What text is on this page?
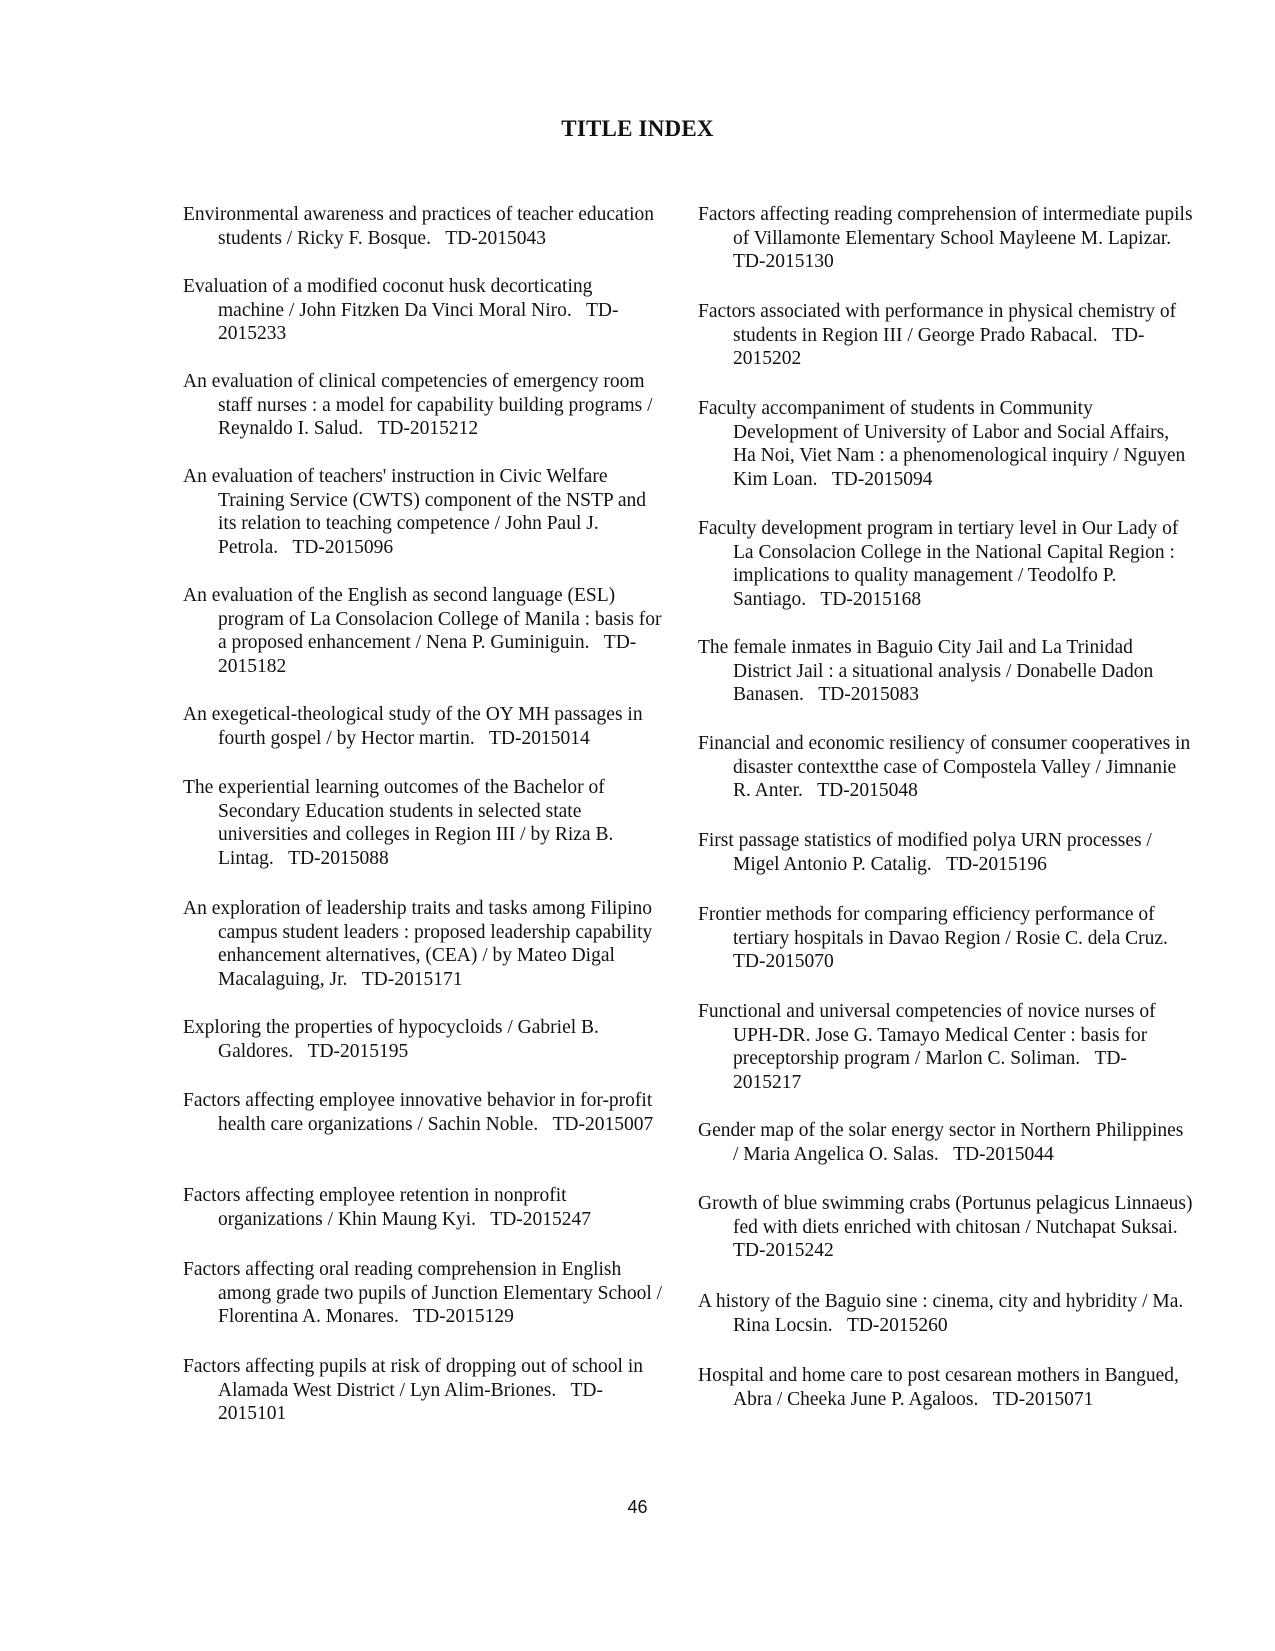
TITLE INDEX
Environmental awareness and practices of teacher education students / Ricky F. Bosque. TD-2015043
Evaluation of a modified coconut husk decorticating machine / John Fitzken Da Vinci Moral Niro. TD-2015233
An evaluation of clinical competencies of emergency room staff nurses : a model for capability building programs / Reynaldo I. Salud. TD-2015212
An evaluation of teachers' instruction in Civic Welfare Training Service (CWTS) component of the NSTP and its relation to teaching competence / John Paul J. Petrola. TD-2015096
An evaluation of the English as second language (ESL) program of La Consolacion College of Manila : basis for a proposed enhancement / Nena P. Guminiguin. TD-2015182
An exegetical-theological study of the OY MH passages in fourth gospel / by Hector martin. TD-2015014
The experiential learning outcomes of the Bachelor of Secondary Education students in selected state universities and colleges in Region III / by Riza B. Lintag. TD-2015088
An exploration of leadership traits and tasks among Filipino campus student leaders : proposed leadership capability enhancement alternatives, (CEA) / by Mateo Digal Macalaguing, Jr. TD-2015171
Exploring the properties of hypocycloids / Gabriel B. Galdores. TD-2015195
Factors affecting employee innovative behavior in for-profit health care organizations / Sachin Noble. TD-2015007
Factors affecting employee retention in nonprofit organizations / Khin Maung Kyi. TD-2015247
Factors affecting oral reading comprehension in English among grade two pupils of Junction Elementary School / Florentina A. Monares. TD-2015129
Factors affecting pupils at risk of dropping out of school in Alamada West District / Lyn Alim-Briones. TD-2015101
Factors affecting reading comprehension of intermediate pupils of Villamonte Elementary School Mayleene M. Lapizar.   TD-2015130
Factors associated with performance in physical chemistry of students in Region III / George Prado Rabacal. TD-2015202
Faculty accompaniment of students in Community Development of University of Labor and Social Affairs, Ha Noi, Viet Nam : a phenomenological inquiry / Nguyen Kim Loan. TD-2015094
Faculty development program in tertiary level in Our Lady of La Consolacion College in the National Capital Region : implications to quality management / Teodolfo P. Santiago. TD-2015168
The female inmates in Baguio City Jail and La Trinidad District Jail : a situational analysis / Donabelle Dadon Banasen. TD-2015083
Financial and economic resiliency of consumer cooperatives in disaster contextthe case of Compostela Valley / Jimnanie R. Anter. TD-2015048
First passage statistics of modified polya URN processes / Migel Antonio P. Catalig. TD-2015196
Frontier methods for comparing efficiency performance of tertiary hospitals in Davao Region / Rosie C. dela Cruz.   TD-2015070
Functional and universal competencies of novice nurses of UPH-DR. Jose G. Tamayo Medical Center : basis for preceptorship program / Marlon C. Soliman. TD-2015217
Gender map of the solar energy sector in Northern Philippines / Maria Angelica O. Salas. TD-2015044
Growth of blue swimming crabs (Portunus pelagicus Linnaeus) fed with diets enriched with chitosan / Nutchapat Suksai.   TD-2015242
A history of the Baguio sine : cinema, city and hybridity / Ma. Rina Locsin. TD-2015260
Hospital and home care to post cesarean mothers in Bangued, Abra / Cheeka June P. Agaloos. TD-2015071
46
